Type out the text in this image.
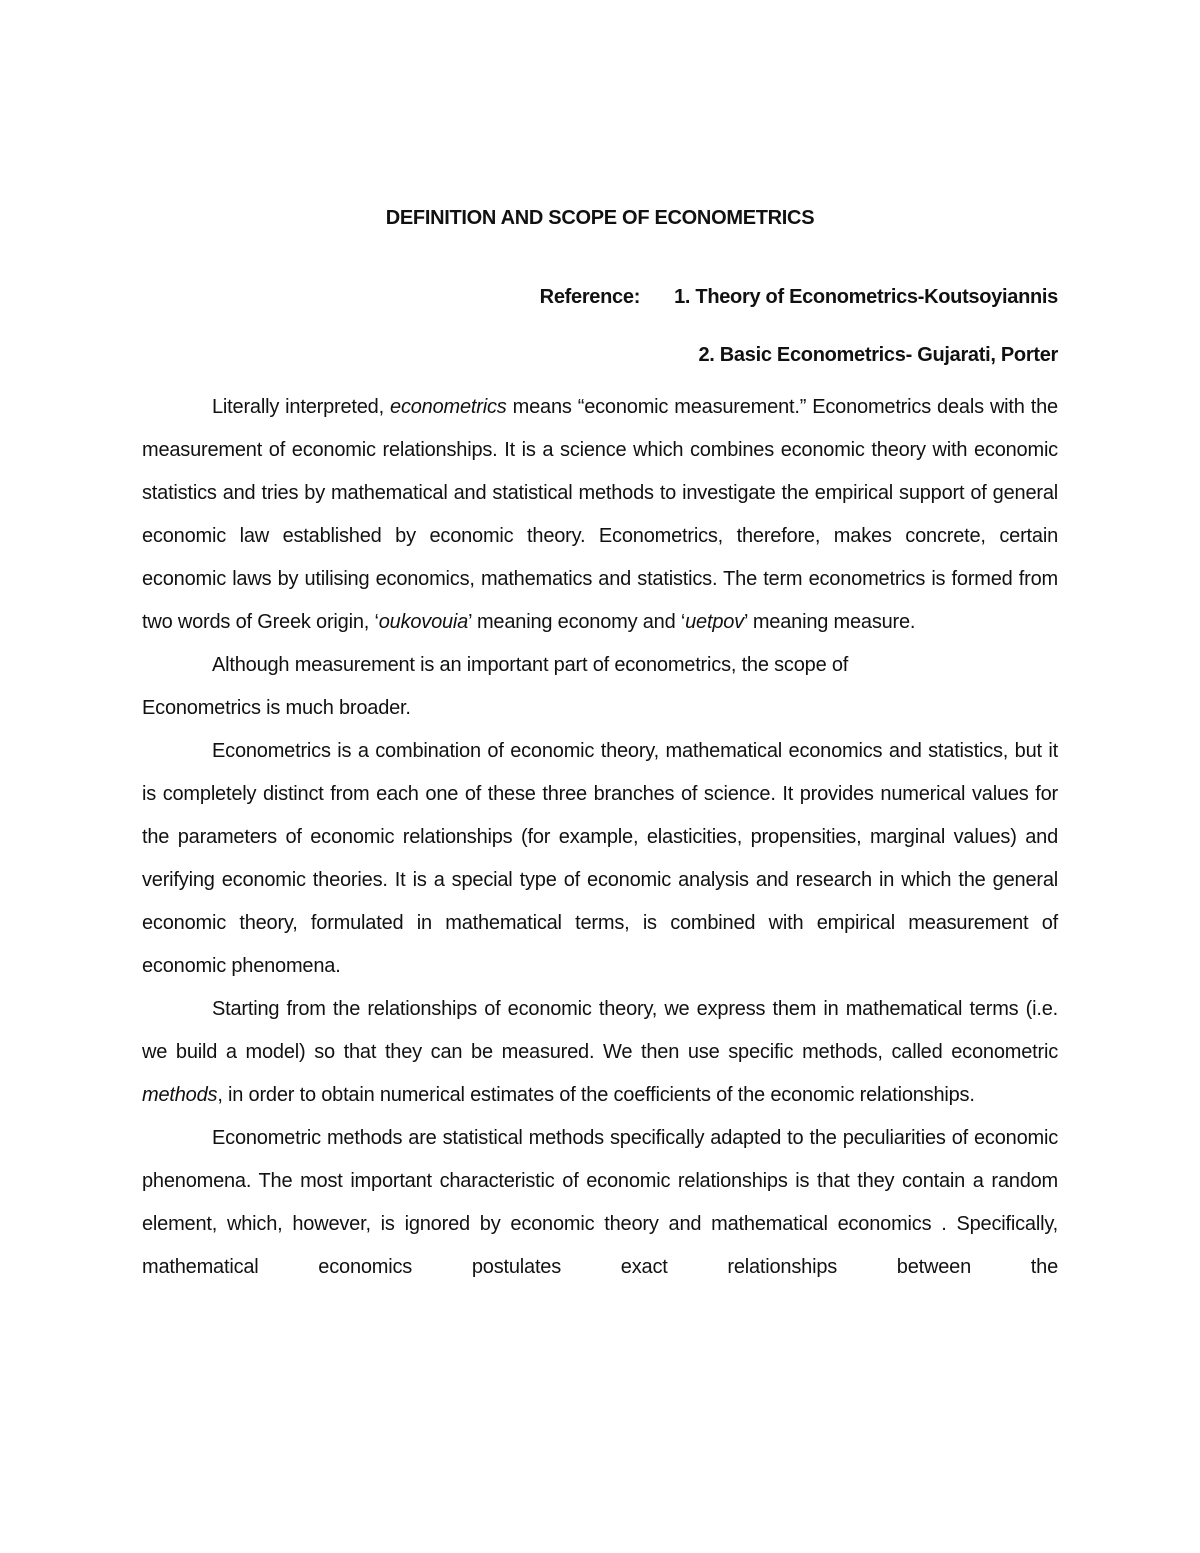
DEFINITION AND SCOPE OF ECONOMETRICS
Reference: 1. Theory of Econometrics-Koutsoyiannis
2. Basic Econometrics- Gujarati, Porter

Literally interpreted, econometrics means “economic measurement.” Econometrics deals with the measurement of economic relationships. It is a science which combines economic theory with economic statistics and tries by mathematical and statistical methods to investigate the empirical support of general economic law established by economic theory. Econometrics, therefore, makes concrete, certain economic laws by utilising economics, mathematics and statistics. The term econometrics is formed from two words of Greek origin, ‘oukovouia’ meaning economy and ‘uetpov’ meaning measure.

Although measurement is an important part of econometrics, the scope of
Econometrics is much broader.

Econometrics is a combination of economic theory, mathematical economics and statistics, but it is completely distinct from each one of these three branches of science. It provides numerical values for the parameters of economic relationships (for example, elasticities, propensities, marginal values) and verifying economic theories. It is a special type of economic analysis and research in which the general economic theory, formulated in mathematical terms, is combined with empirical measurement of economic phenomena.

Starting from the relationships of economic theory, we express them in mathematical terms (i.e. we build a model) so that they can be measured. We then use specific methods, called econometric methods, in order to obtain numerical estimates of the coefficients of the economic relationships.

Econometric methods are statistical methods specifically adapted to the peculiarities of economic phenomena. The most important characteristic of economic relationships is that they contain a random element, which, however, is ignored by economic theory and mathematical economics . Specifically, mathematical economics postulates exact relationships between the
